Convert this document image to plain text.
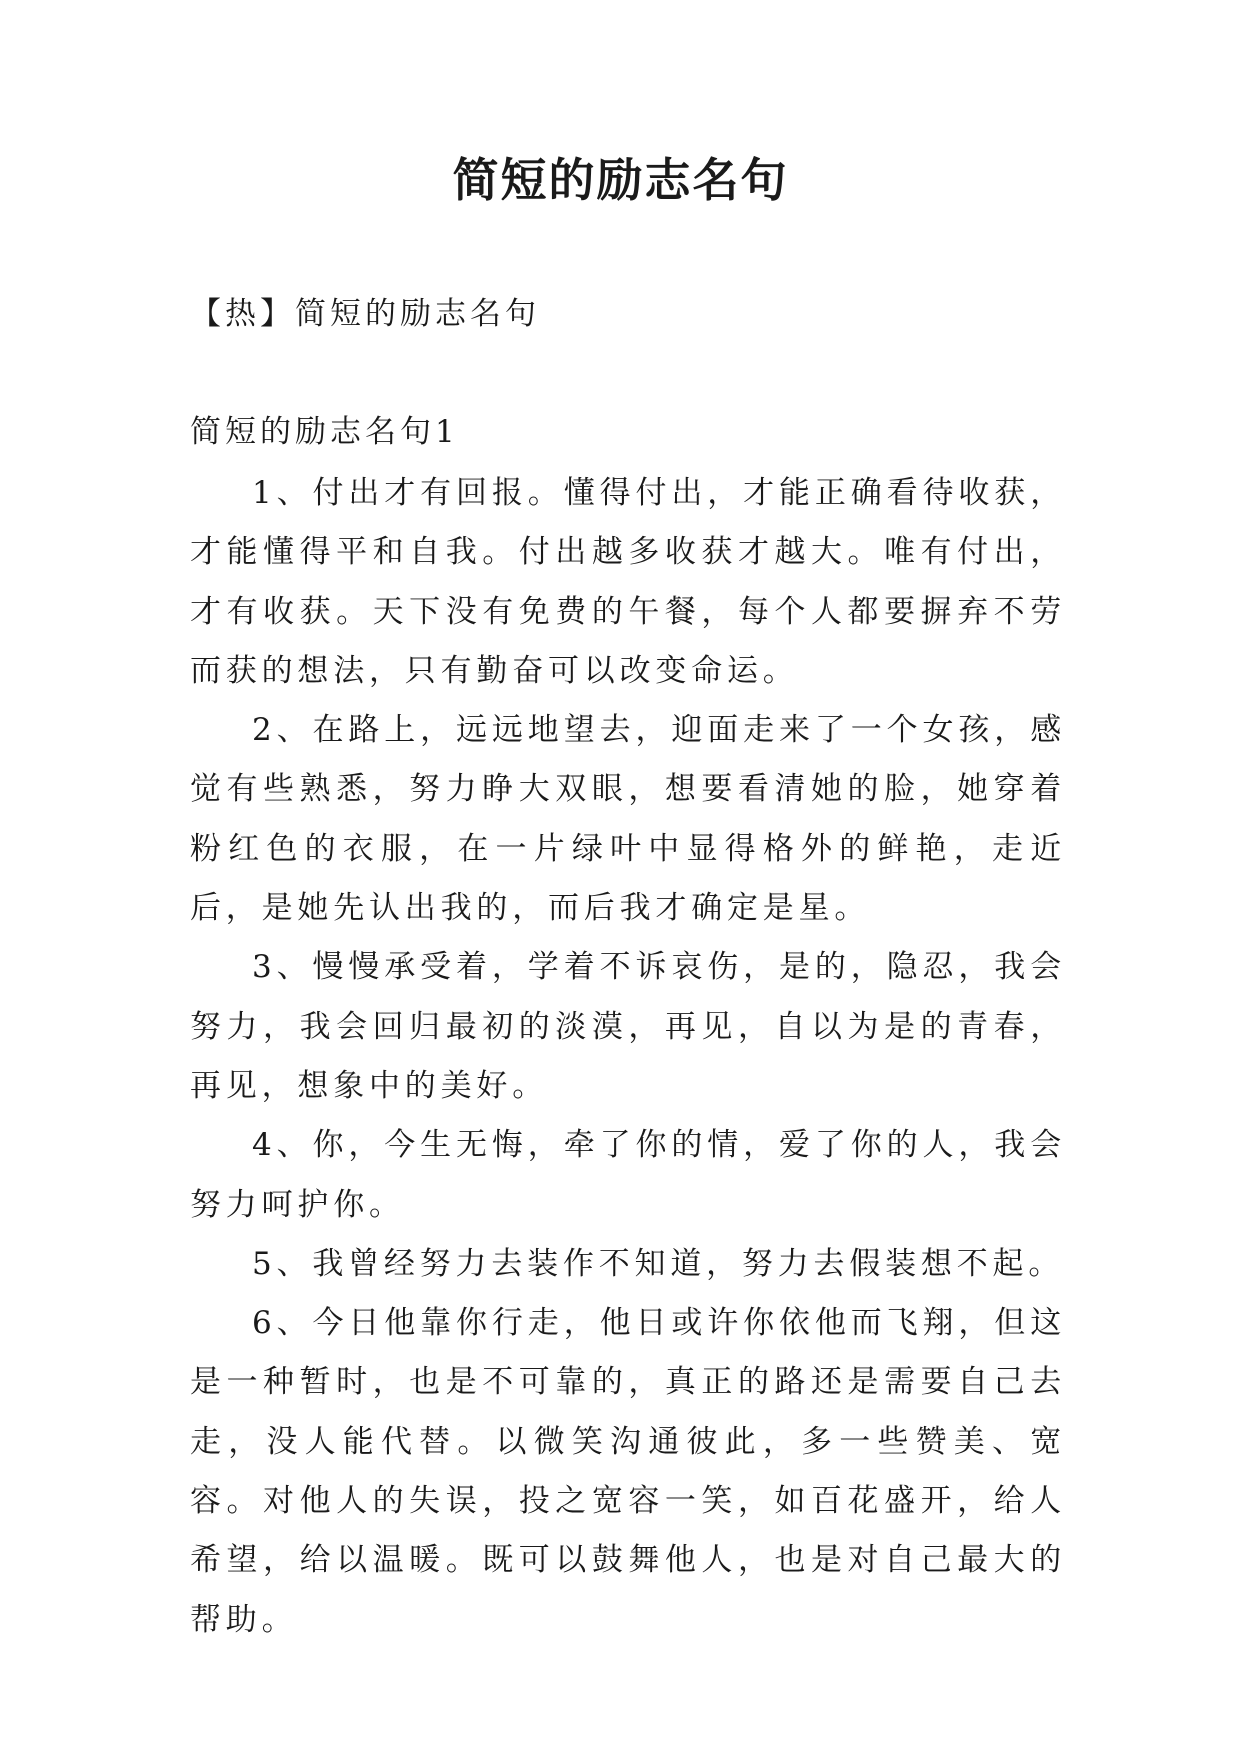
简短的励志名句

【热】简短的励志名句

简短的励志名句1

1、付出才有回报。懂得付出，才能正确看待收获，才能懂得平和自我。付出越多收获才越大。唯有付出，才有收获。天下没有免费的午餐，每个人都要摒弃不劳而获的想法，只有勤奋可以改变命运。

2、在路上，远远地望去，迎面走来了一个女孩，感觉有些熟悉，努力睁大双眼，想要看清她的脸，她穿着粉红色的衣服，在一片绿叶中显得格外的鲜艳，走近后，是她先认出我的，而后我才确定是星。

3、慢慢承受着，学着不诉哀伤，是的，隐忍，我会努力，我会回归最初的淡漠，再见，自以为是的青春，再见，想象中的美好。

4、你，今生无悔，牵了你的情，爱了你的人，我会努力呵护你。

5、我曾经努力去装作不知道，努力去假装想不起。

6、今日他靠你行走，他日或许你依他而飞翔，但这是一种暂时，也是不可靠的，真正的路还是需要自己去走，没人能代替。以微笑沟通彼此，多一些赞美、宽容。对他人的失误，投之宽容一笑，如百花盛开，给人希望，给以温暖。既可以鼓舞他人，也是对自己最大的帮助。
